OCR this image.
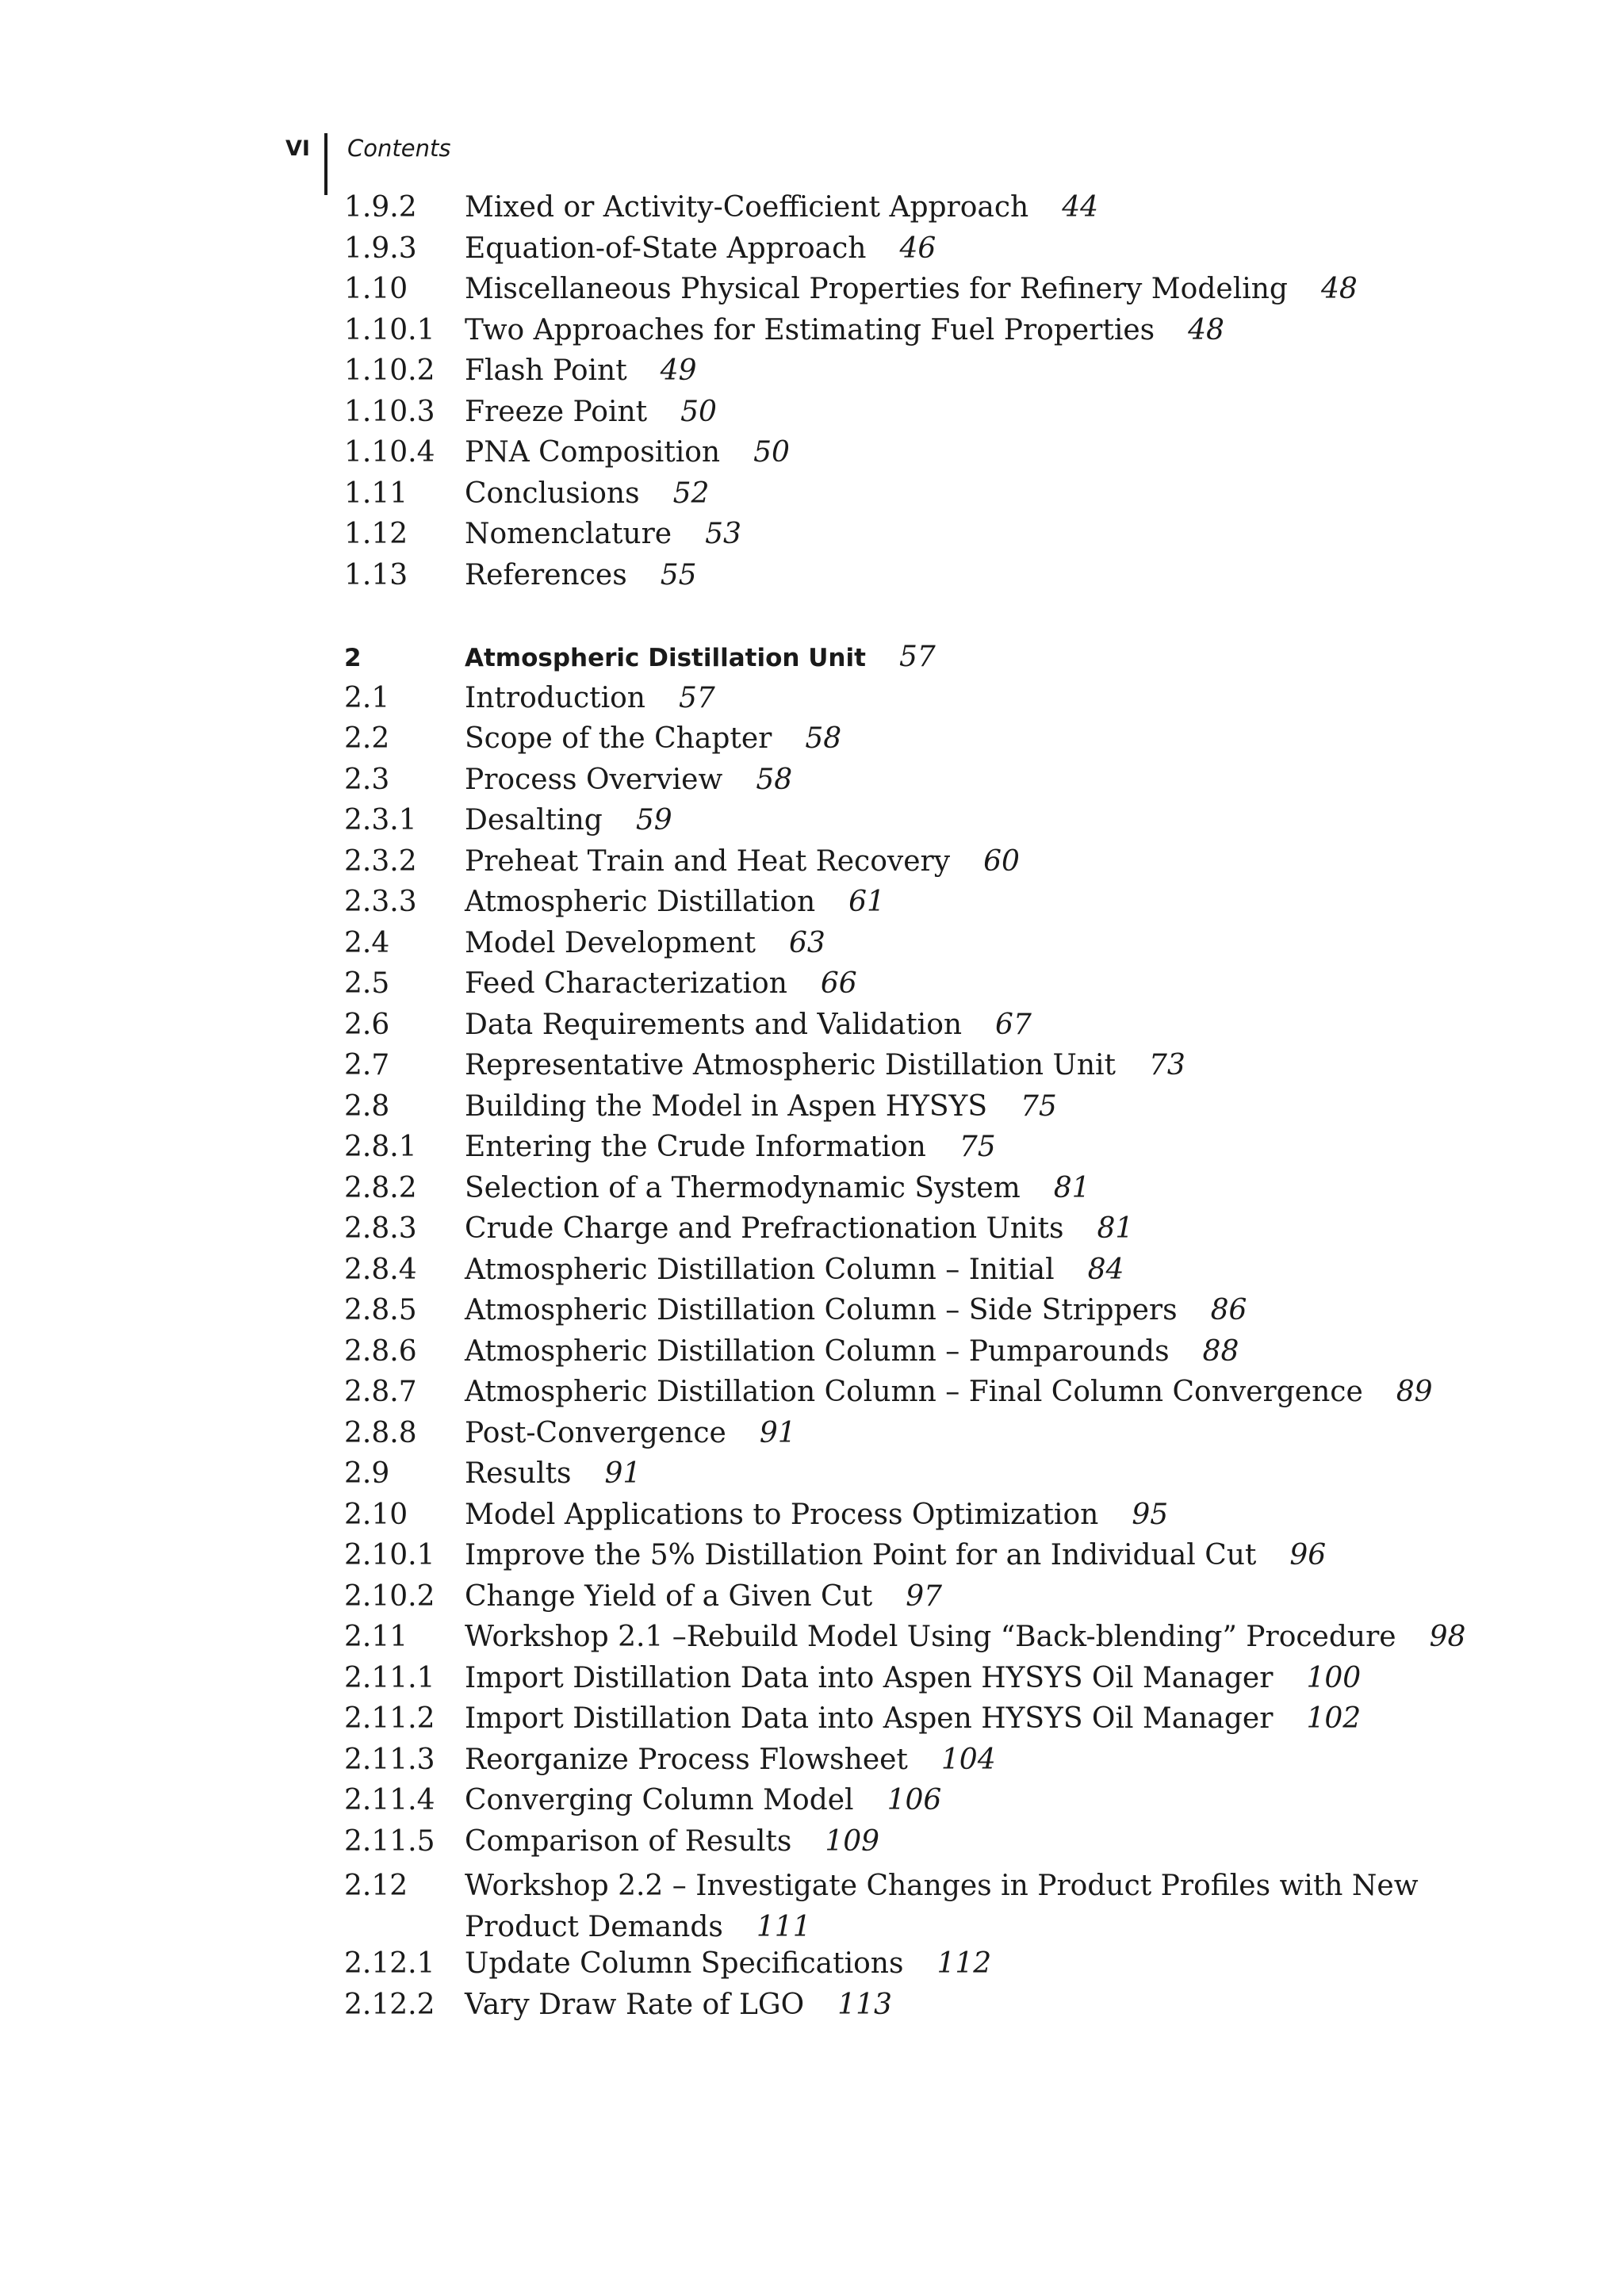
VI Contents
1.9.2	Mixed or Activity-Coefficient Approach 44
1.9.3	Equation-of-State Approach 46
1.10	Miscellaneous Physical Properties for Refinery Modeling 48
1.10.1	Two Approaches for Estimating Fuel Properties 48
1.10.2	Flash Point 49
1.10.3	Freeze Point 50
1.10.4	PNA Composition 50
1.11	Conclusions 52
1.12	Nomenclature 53
1.13	References 55
2	Atmospheric Distillation Unit 57
2.1	Introduction 57
2.2	Scope of the Chapter 58
2.3	Process Overview 58
2.3.1	Desalting 59
2.3.2	Preheat Train and Heat Recovery 60
2.3.3	Atmospheric Distillation 61
2.4	Model Development 63
2.5	Feed Characterization 66
2.6	Data Requirements and Validation 67
2.7	Representative Atmospheric Distillation Unit 73
2.8	Building the Model in Aspen HYSYS 75
2.8.1	Entering the Crude Information 75
2.8.2	Selection of a Thermodynamic System 81
2.8.3	Crude Charge and Prefractionation Units 81
2.8.4	Atmospheric Distillation Column – Initial 84
2.8.5	Atmospheric Distillation Column – Side Strippers 86
2.8.6	Atmospheric Distillation Column – Pumparounds 88
2.8.7	Atmospheric Distillation Column – Final Column Convergence 89
2.8.8	Post-Convergence 91
2.9	Results 91
2.10	Model Applications to Process Optimization 95
2.10.1	Improve the 5% Distillation Point for an Individual Cut 96
2.10.2	Change Yield of a Given Cut 97
2.11	Workshop 2.1 –Rebuild Model Using “Back-blending” Procedure 98
2.11.1	Import Distillation Data into Aspen HYSYS Oil Manager 100
2.11.2	Import Distillation Data into Aspen HYSYS Oil Manager 102
2.11.3	Reorganize Process Flowsheet 104
2.11.4	Converging Column Model 106
2.11.5	Comparison of Results 109
2.12	Workshop 2.2 – Investigate Changes in Product Profiles with New Product Demands 111
2.12.1	Update Column Specifications 112
2.12.2	Vary Draw Rate of LGO 113
